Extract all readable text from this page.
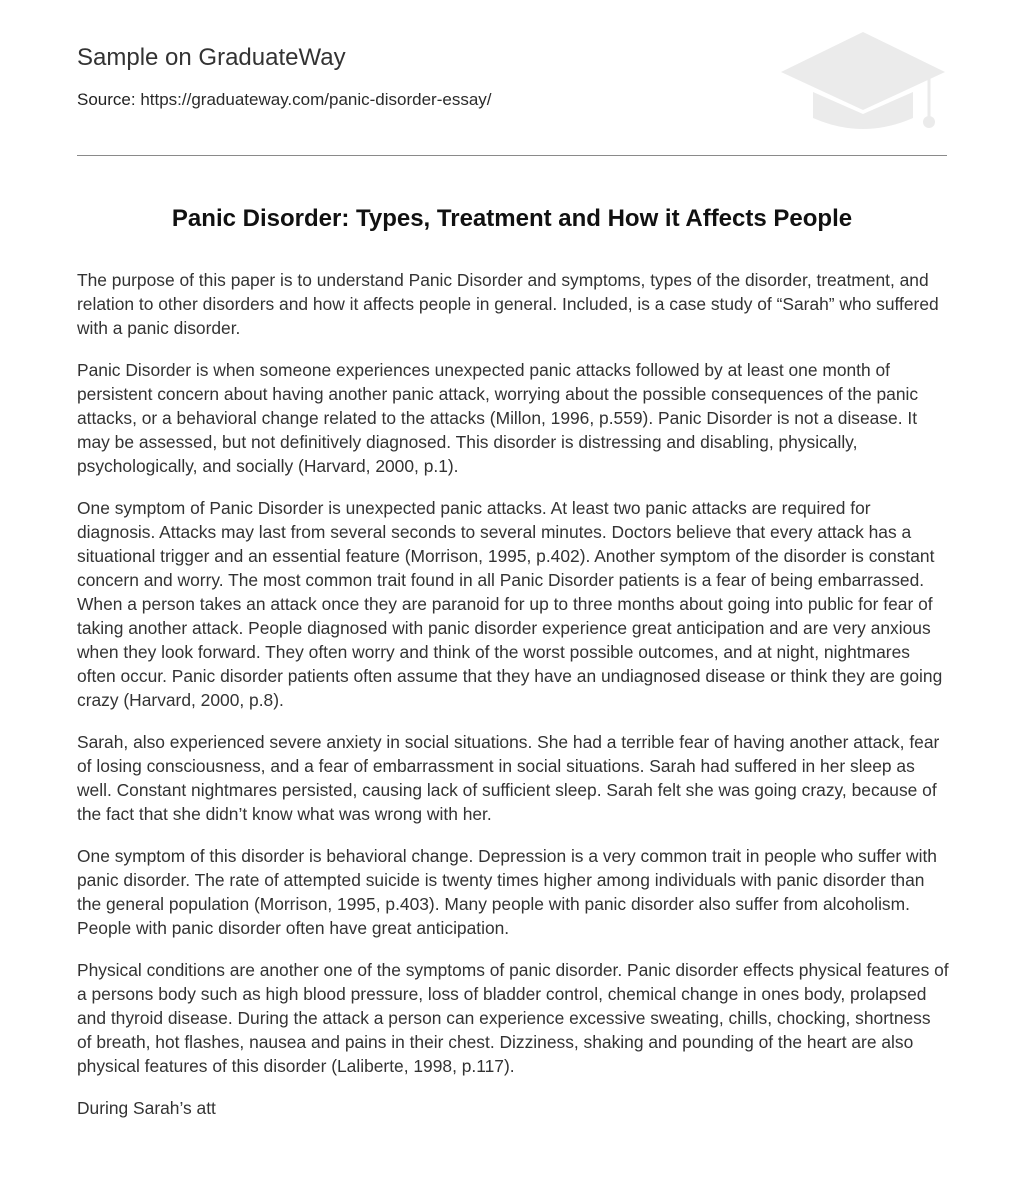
Sample on GraduateWay
Source: https://graduateway.com/panic-disorder-essay/
Panic Disorder: Types, Treatment and How it Affects People

The purpose of this paper is to understand Panic Disorder and symptoms, types of the disorder, treatment, and relation to other disorders and how it affects people in general. Included, is a case study of “Sarah” who suffered with a panic disorder.

Panic Disorder is when someone experiences unexpected panic attacks followed by at least one month of persistent concern about having another panic attack, worrying about the possible consequences of the panic attacks, or a behavioral change related to the attacks (Millon, 1996, p.559). Panic Disorder is not a disease. It may be assessed, but not definitively diagnosed. This disorder is distressing and disabling, physically, psychologically, and socially (Harvard, 2000, p.1).

One symptom of Panic Disorder is unexpected panic attacks. At least two panic attacks are required for diagnosis. Attacks may last from several seconds to several minutes. Doctors believe that every attack has a situational trigger and an essential feature (Morrison, 1995, p.402). Another symptom of the disorder is constant concern and worry. The most common trait found in all Panic Disorder patients is a fear of being embarrassed. When a person takes an attack once they are paranoid for up to three months about going into public for fear of taking another attack. People diagnosed with panic disorder experience great anticipation and are very anxious when they look forward. They often worry and think of the worst possible outcomes, and at night, nightmares often occur. Panic disorder patients often assume that they have an undiagnosed disease or think they are going crazy (Harvard, 2000, p.8).

Sarah, also experienced severe anxiety in social situations. She had a terrible fear of having another attack, fear of losing consciousness, and a fear of embarrassment in social situations. Sarah had suffered in her sleep as well. Constant nightmares persisted, causing lack of sufficient sleep. Sarah felt she was going crazy, because of the fact that she didn’t know what was wrong with her.

One symptom of this disorder is behavioral change. Depression is a very common trait in people who suffer with panic disorder. The rate of attempted suicide is twenty times higher among individuals with panic disorder than the general population (Morrison, 1995, p.403). Many people with panic disorder also suffer from alcoholism. People with panic disorder often have great anticipation.

Physical conditions are another one of the symptoms of panic disorder. Panic disorder effects physical features of a persons body such as high blood pressure, loss of bladder control, chemical change in ones body, prolapsed and thyroid disease. During the attack a person can experience excessive sweating, chills, chocking, shortness of breath, hot flashes, nausea and pains in their chest. Dizziness, shaking and pounding of the heart are also physical features of this disorder (Laliberte, 1998, p.117).

During Sarah’s att
